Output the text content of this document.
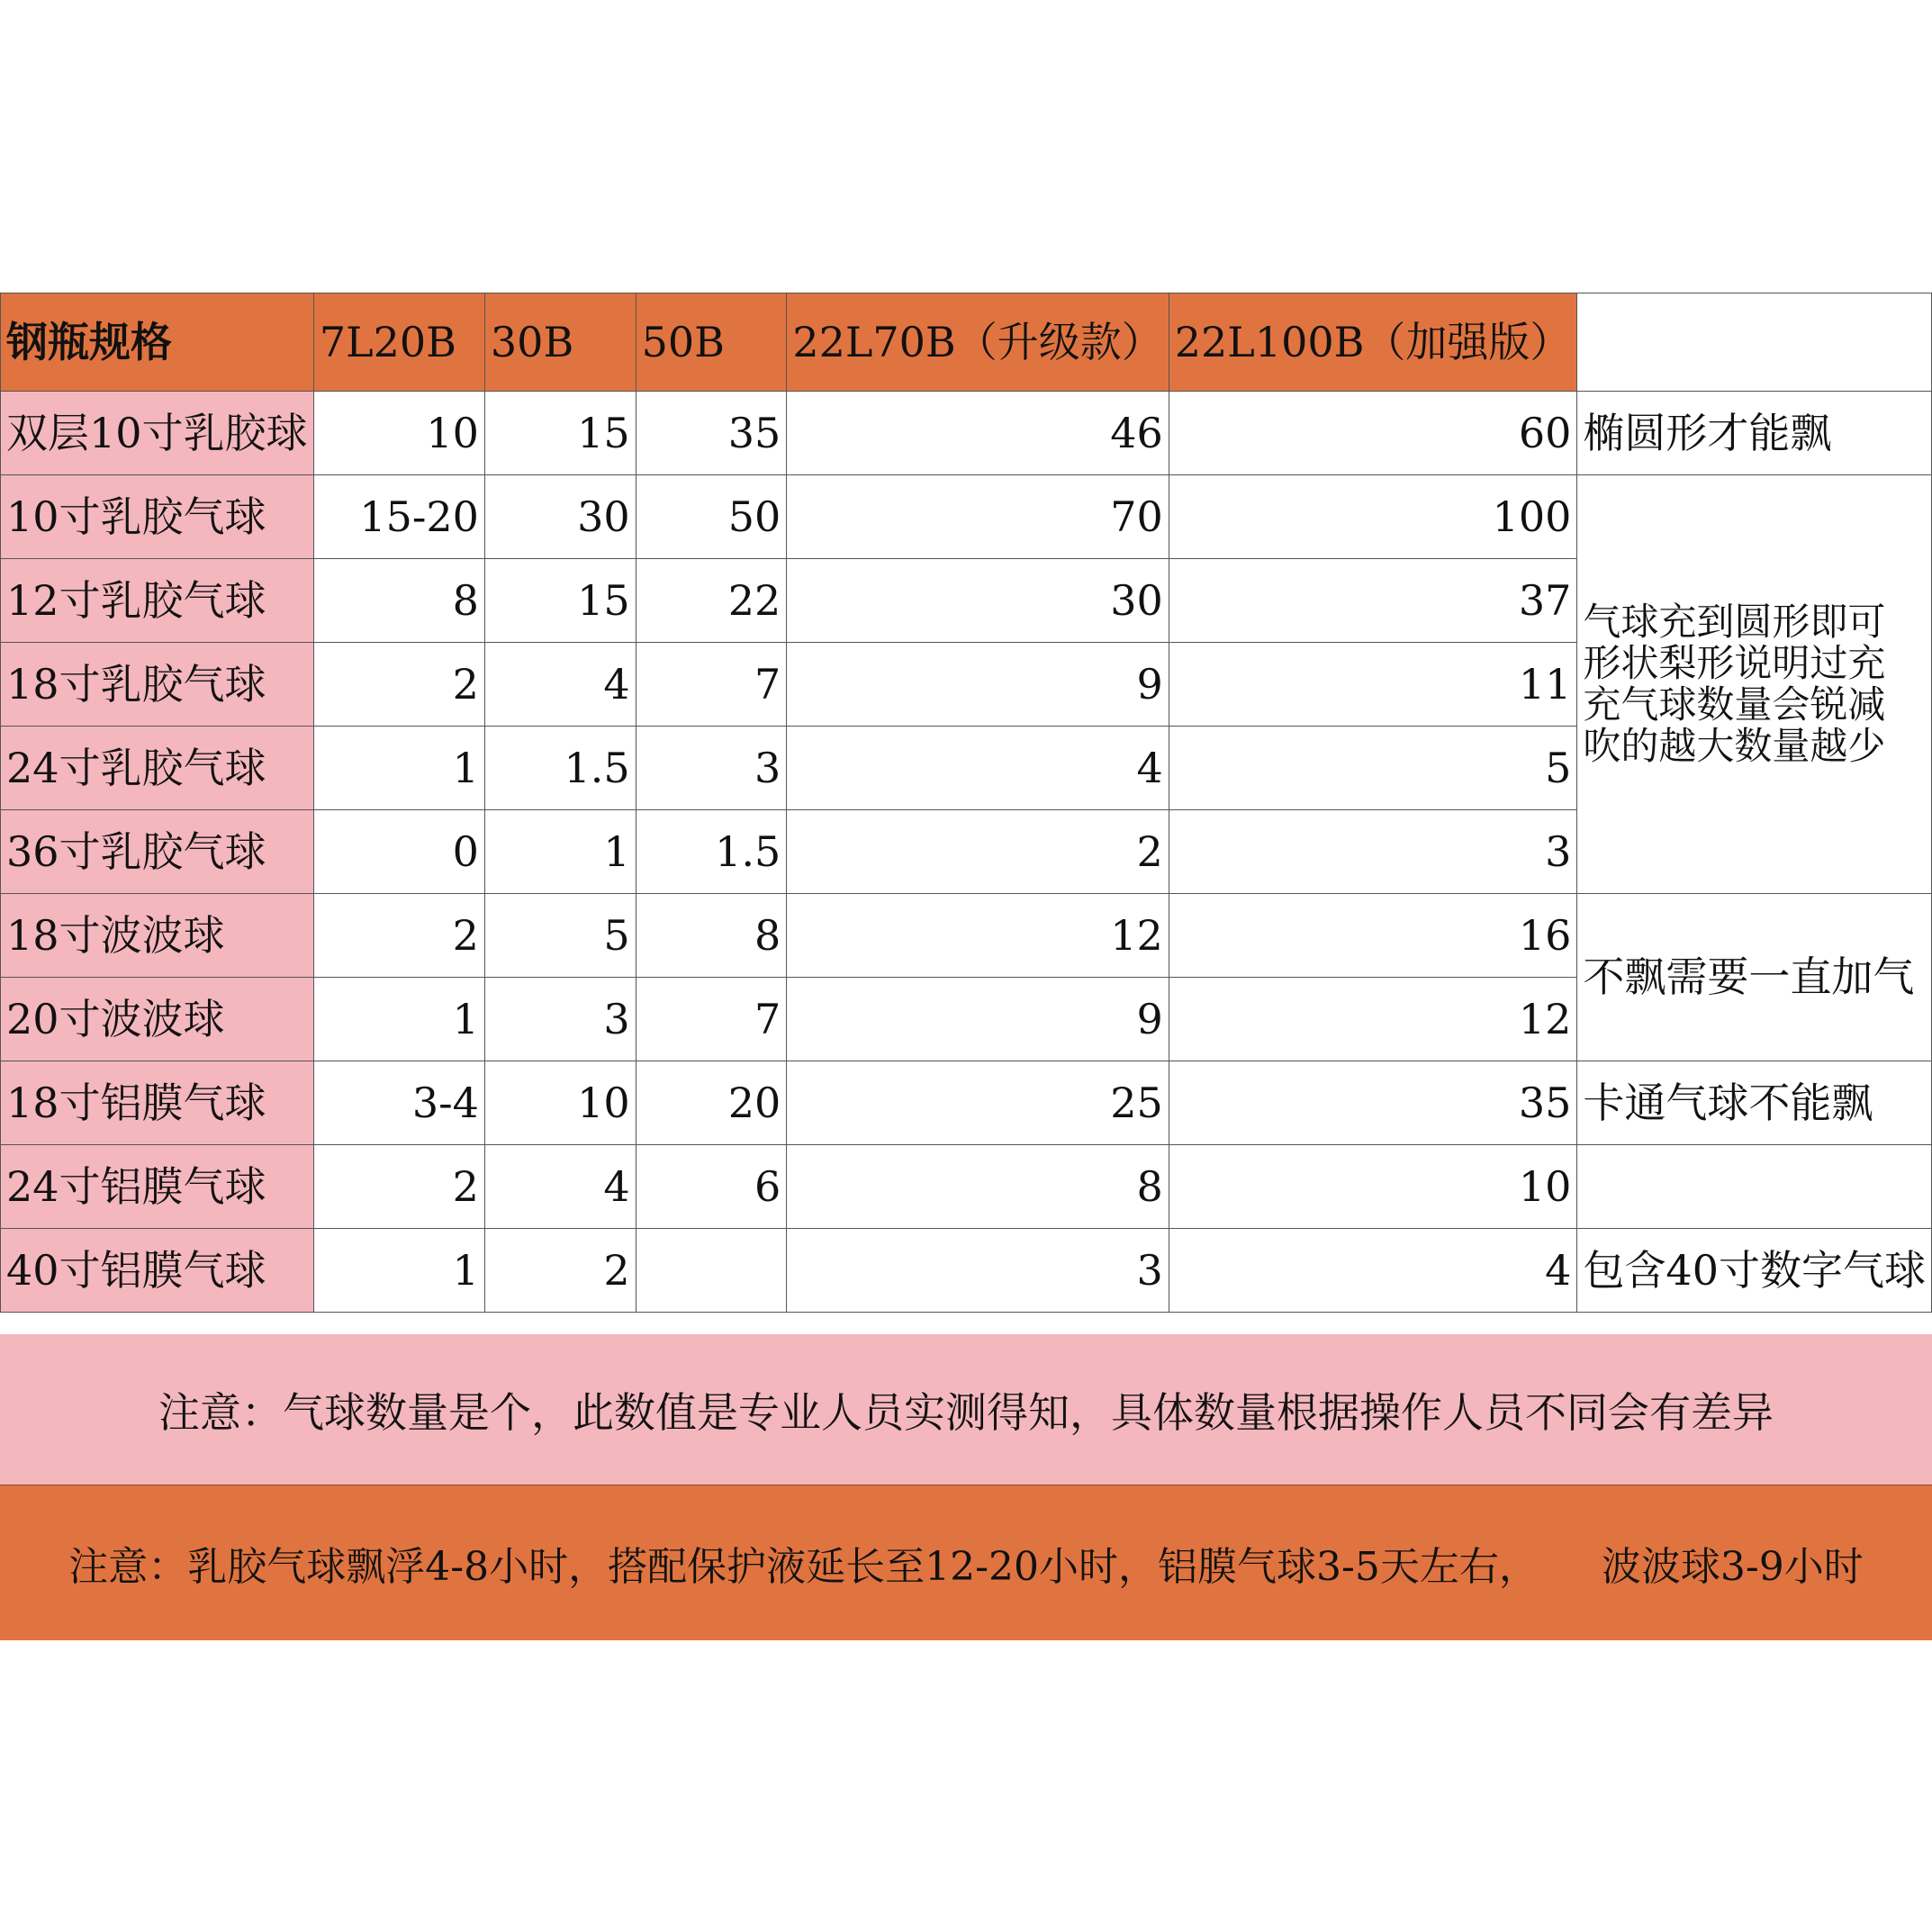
钢瓶规格	7L20B	30B	50B	22L70B（升级款）	22L100B（加强版）	
双层10寸乳胶球	10	15	35	46	60	椭圆形才能飘
10寸乳胶气球	15-20	30	50	70	100	气球充到圆形即可
形状梨形说明过充
充气球数量会锐减
吹的越大数量越少
12寸乳胶气球	8	15	22	30	37	
18寸乳胶气球	2	4	7	9	11	
24寸乳胶气球	1	1.5	3	4	5	
36寸乳胶气球	0	1	1.5	2	3	
18寸波波球	2	5	8	12	16	不飘需要一直加气
20寸波波球	1	3	7	9	12	
18寸铝膜气球	3-4	10	20	25	35	卡通气球不能飘
24寸铝膜气球	2	4	6	8	10	
40寸铝膜气球	1	2		3	4	包含40寸数字气球
注意：气球数量是个，此数值是专业人员实测得知，具体数量根据操作人员不同会有差异
注意：乳胶气球飘浮4-8小时，搭配保护液延长至12-20小时，铝膜气球3-5天左右， 波波球3-9小时
